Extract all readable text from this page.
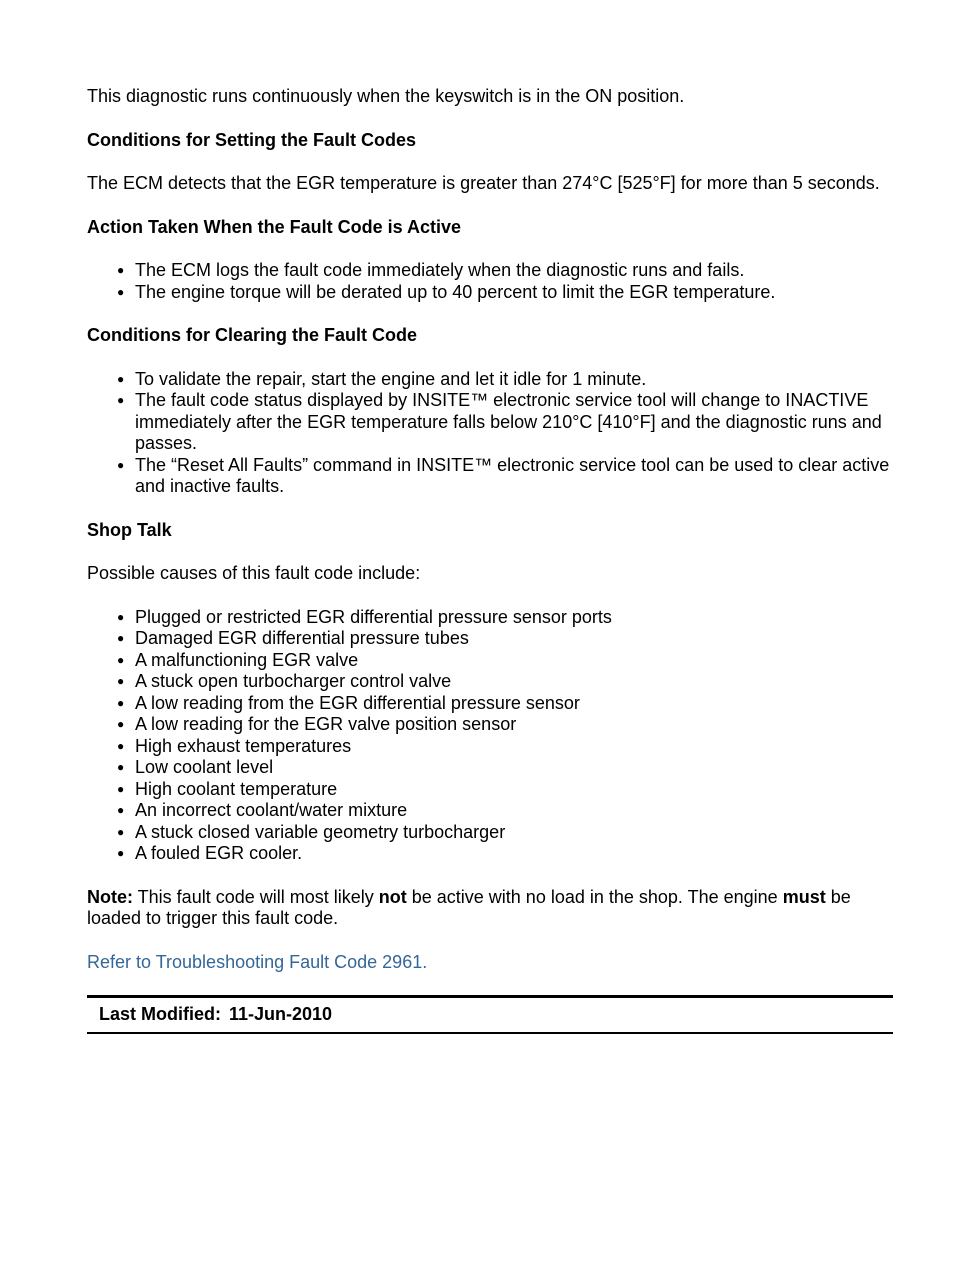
This diagnostic runs continuously when the keyswitch is in the ON position.

Conditions for Setting the Fault Codes

The ECM detects that the EGR temperature is greater than 274°C [525°F] for more than 5 seconds.

Action Taken When the Fault Code is Active
● The ECM logs the fault code immediately when the diagnostic runs and fails.
● The engine torque will be derated up to 40 percent to limit the EGR temperature.
Conditions for Clearing the Fault Code
● To validate the repair, start the engine and let it idle for 1 minute.
● The fault code status displayed by INSITE™ electronic service tool will change to INACTIVE immediately after the EGR temperature falls below 210°C [410°F] and the diagnostic runs and passes.
● The “Reset All Faults” command in INSITE™ electronic service tool can be used to clear active and inactive faults.
Shop Talk

Possible causes of this fault code include:

● Plugged or restricted EGR differential pressure sensor ports
● Damaged EGR differential pressure tubes
● A malfunctioning EGR valve
● A stuck open turbocharger control valve
● A low reading from the EGR differential pressure sensor
● A low reading for the EGR valve position sensor
● High exhaust temperatures
● Low coolant level
● High coolant temperature
● An incorrect coolant/water mixture
● A stuck closed variable geometry turbocharger
● A fouled EGR cooler.

Note: This fault code will most likely not be active with no load in the shop. The engine must be loaded to trigger this fault code.

Refer to Troubleshooting Fault Code 2961.

Last Modified: 11-Jun-2010
